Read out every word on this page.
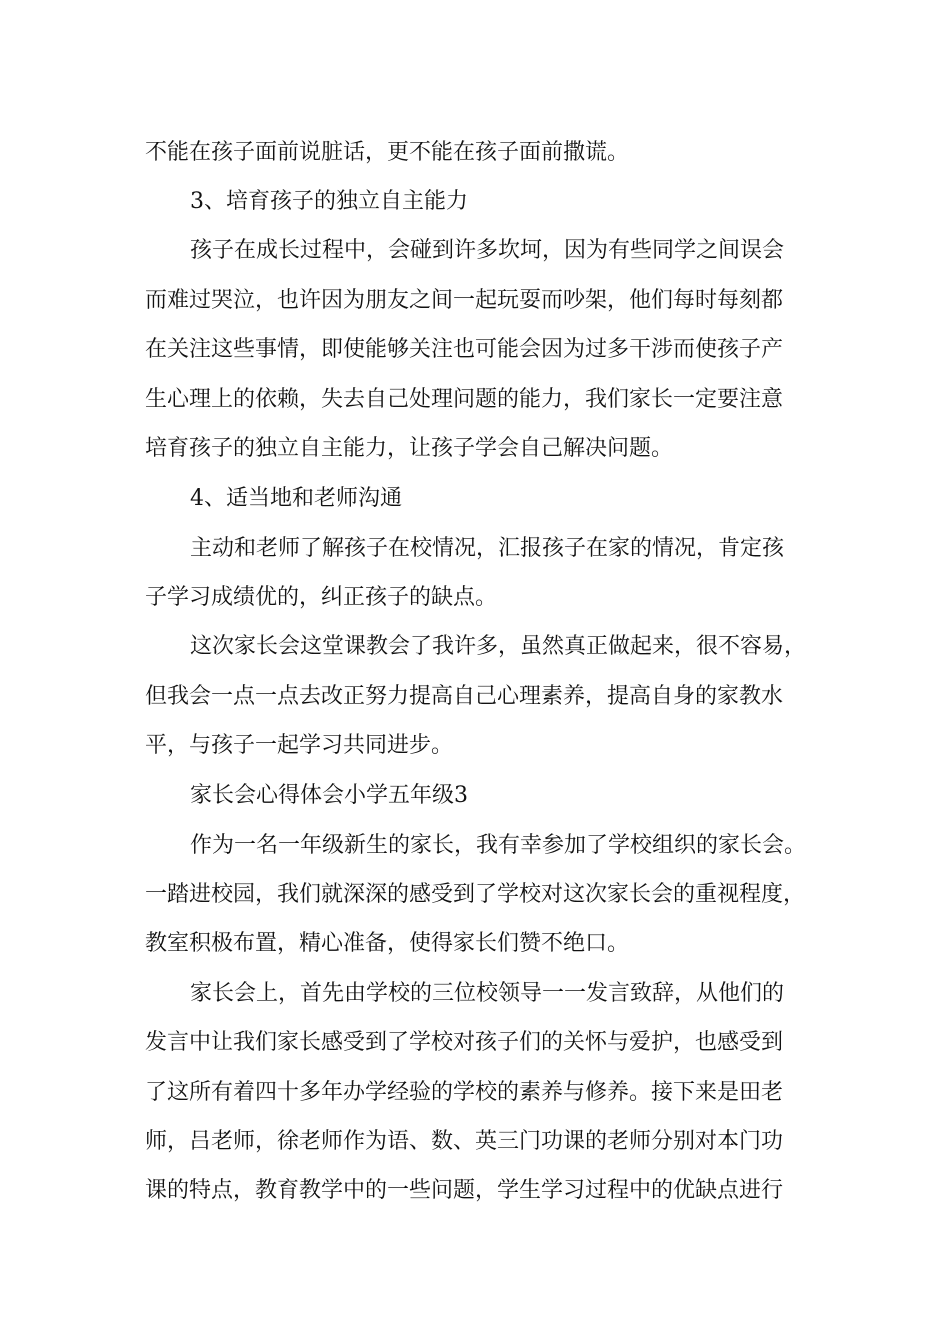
不能在孩子面前说脏话，更不能在孩子面前撒谎。
3、培育孩子的独立自主能力
孩子在成长过程中，会碰到许多坎坷，因为有些同学之间误会
而难过哭泣，也许因为朋友之间一起玩耍而吵架，他们每时每刻都
在关注这些事情，即使能够关注也可能会因为过多干涉而使孩子产
生心理上的依赖，失去自己处理问题的能力，我们家长一定要注意
培育孩子的独立自主能力，让孩子学会自己解决问题。
4、适当地和老师沟通
主动和老师了解孩子在校情况，汇报孩子在家的情况，肯定孩
子学习成绩优的，纠正孩子的缺点。
这次家长会这堂课教会了我许多，虽然真正做起来，很不容易，
但我会一点一点去改正努力提高自己心理素养，提高自身的家教水
平，与孩子一起学习共同进步。
家长会心得体会小学五年级3
作为一名一年级新生的家长，我有幸参加了学校组织的家长会。
一踏进校园，我们就深深的感受到了学校对这次家长会的重视程度，
教室积极布置，精心准备，使得家长们赞不绝口。
家长会上，首先由学校的三位校领导一一发言致辞，从他们的
发言中让我们家长感受到了学校对孩子们的关怀与爱护，也感受到
了这所有着四十多年办学经验的学校的素养与修养。接下来是田老
师，吕老师，徐老师作为语、数、英三门功课的老师分别对本门功
课的特点，教育教学中的一些问题，学生学习过程中的优缺点进行
